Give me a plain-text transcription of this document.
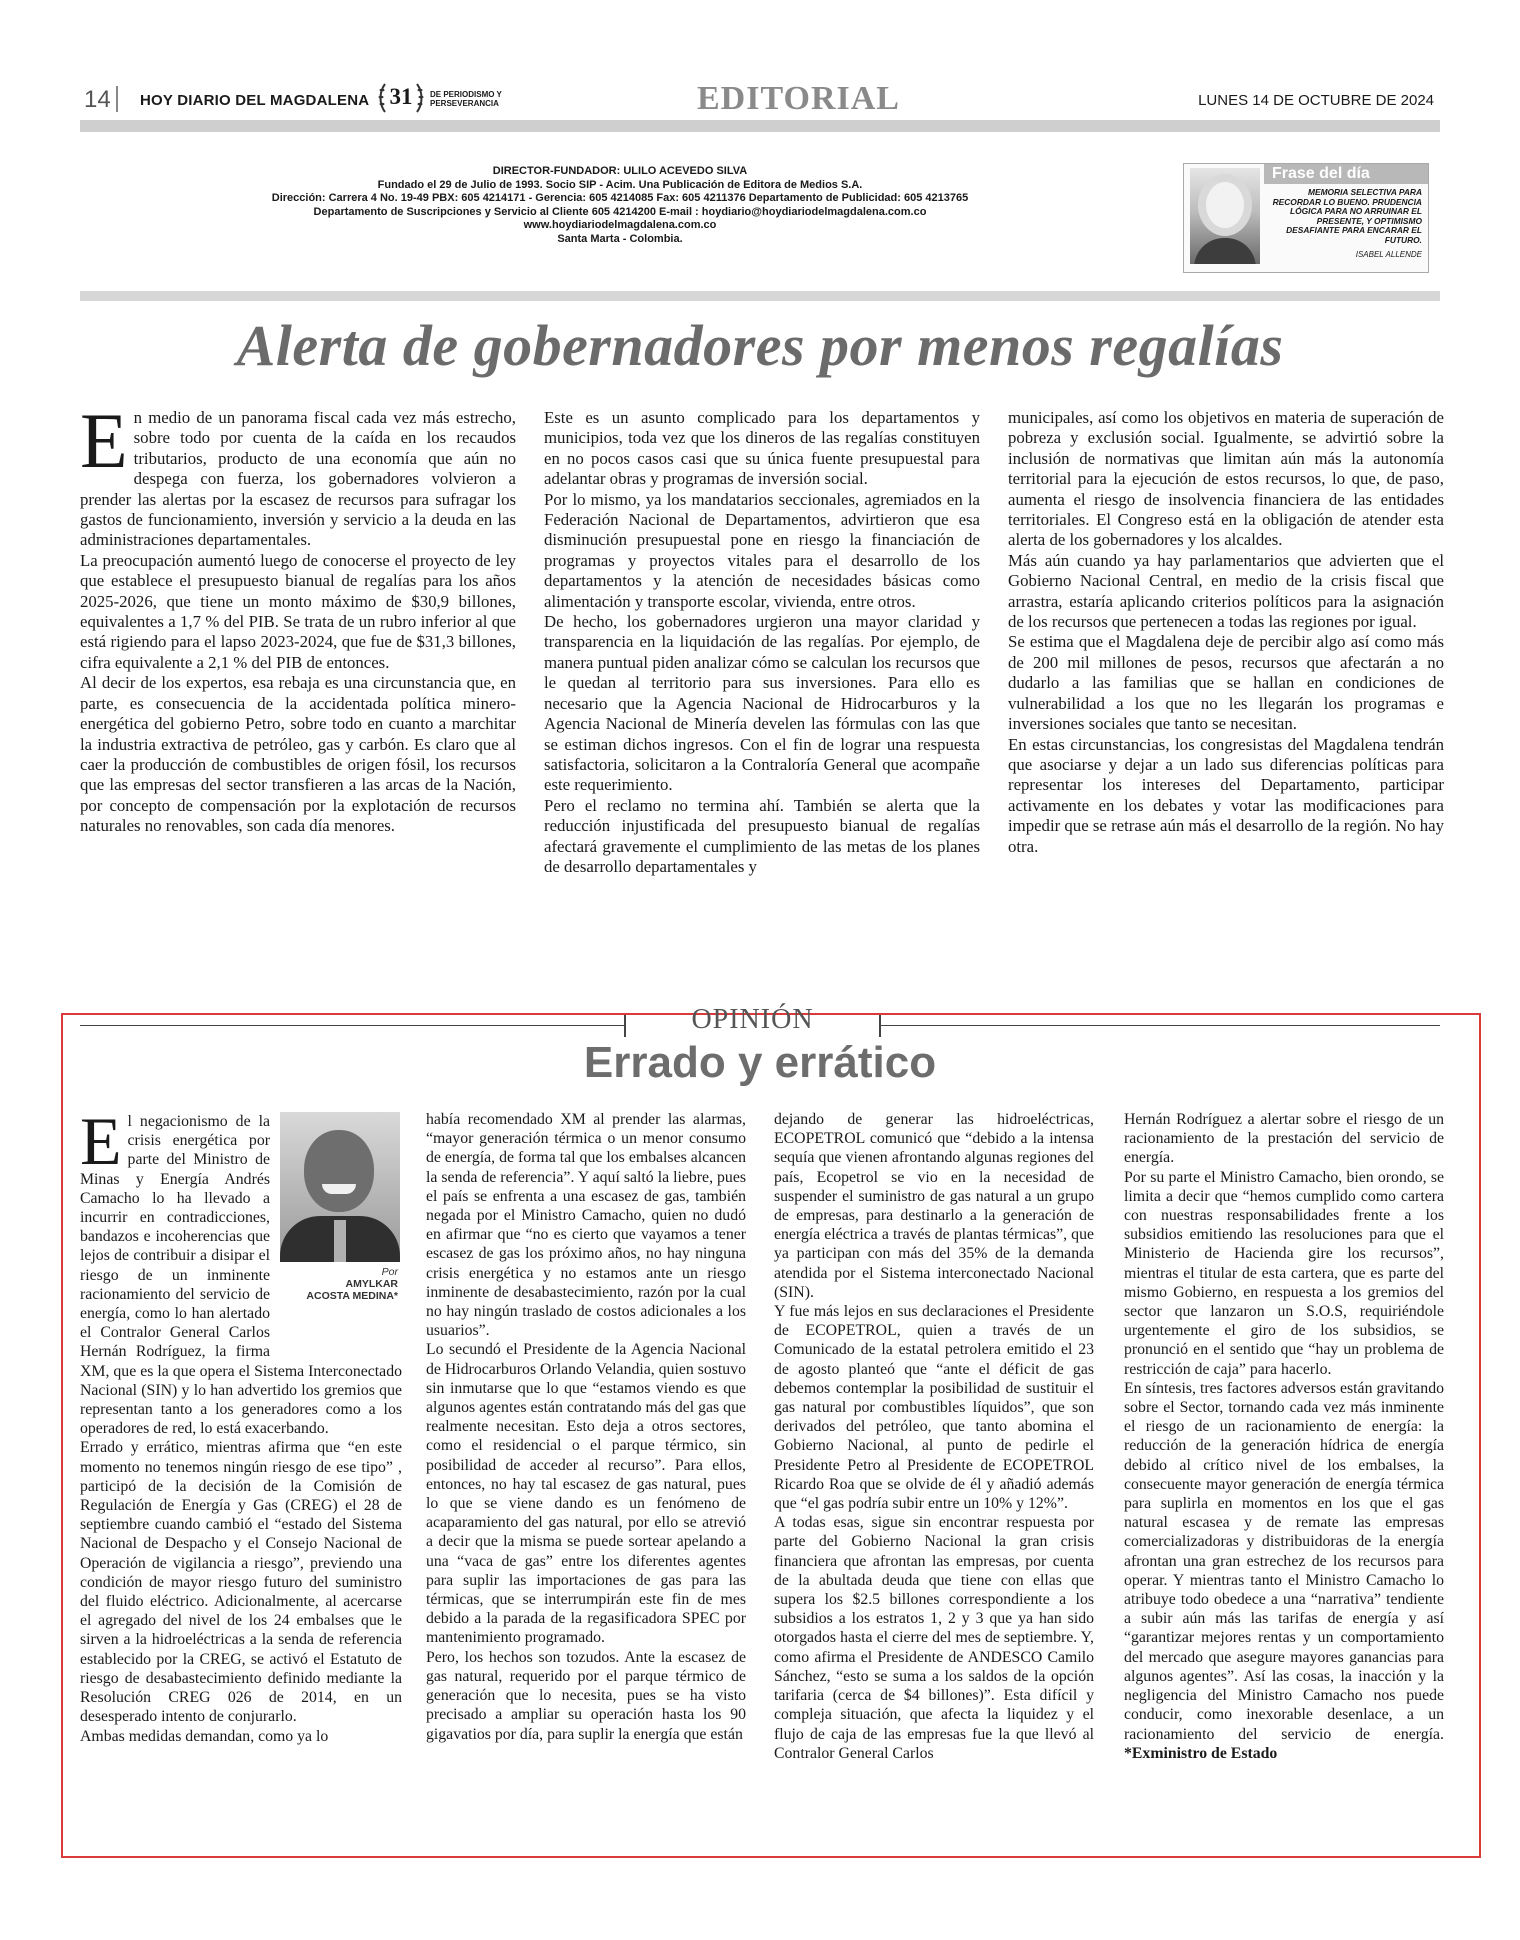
14 HOY DIARIO DEL MAGDALENA 31	DE PERIODISMO Y PERSEVERANCIA	EDITORIAL	LUNES 14 DE OCTUBRE DE 2024
DIRECTOR-FUNDADOR: ULILO ACEVEDO SILVA
Fundado el 29 de Julio de 1993. Socio SIP - Acim. Una Publicación de Editora de Medios S.A.
Dirección: Carrera 4 No. 19-49 PBX: 605 4214171 - Gerencia: 605 4214085 Fax: 605 4211376 Departamento de Publicidad: 605 4213765
Departamento de Suscripciones y Servicio al Cliente 605 4214200 E-mail : hoydiario@hoydiariodelmagdalena.com.co
www.hoydiariodelmagdalena.com.co
Santa Marta - Colombia.
Frase del día
MEMORIA SELECTIVA PARA RECORDAR LO BUENO. PRUDENCIA LÓGICA PARA NO ARRUINAR EL PRESENTE, Y OPTIMISMO DESAFIANTE PARA ENCARAR EL FUTURO.
ISABEL ALLENDE
Alerta de gobernadores por menos regalías

En medio de un panorama fiscal cada vez más estrecho, sobre todo por cuenta de la caída en los recaudos tributarios, producto de una economía que aún no despega con fuerza, los gobernadores volvieron a prender las alertas por la escasez de recursos para sufragar los gastos de funcionamiento, inversión y servicio a la deuda en las administraciones departamentales.

La preocupación aumentó luego de conocerse el proyecto de ley que establece el presupuesto bianual de regalías para los años 2025-2026, que tiene un monto máximo de $30,9 billones, equivalentes a 1,7 % del PIB. Se trata de un rubro inferior al que está rigiendo para el lapso 2023-2024, que fue de $31,3 billones, cifra equivalente a 2,1 % del PIB de entonces.

Al decir de los expertos, esa rebaja es una circunstancia que, en parte, es consecuencia de la accidentada política minero-energética del gobierno Petro, sobre todo en cuanto a marchitar la industria extractiva de petróleo, gas y carbón. Es claro que al caer la producción de combustibles de origen fósil, los recursos que las empresas del sector transfieren a las arcas de la Nación, por concepto de compensación por la explotación de recursos naturales no renovables, son cada día menores.

Este es un asunto complicado para los departamentos y municipios, toda vez que los dineros de las regalías constituyen en no pocos casos casi que su única fuente presupuestal para adelantar obras y programas de inversión social.

Por lo mismo, ya los mandatarios seccionales, agremiados en la Federación Nacional de Departamentos, advirtieron que esa disminución presupuestal pone en riesgo la financiación de programas y proyectos vitales para el desarrollo de los departamentos y la atención de necesidades básicas como alimentación y transporte escolar, vivienda, entre otros.

De hecho, los gobernadores urgieron una mayor claridad y transparencia en la liquidación de las regalías. Por ejemplo, de manera puntual piden analizar cómo se calculan los recursos que le quedan al territorio para sus inversiones. Para ello es necesario que la Agencia Nacional de Hidrocarburos y la Agencia Nacional de Minería develen las fórmulas con las que se estiman dichos ingresos. Con el fin de lograr una respuesta satisfactoria, solicitaron a la Contraloría General que acompañe este requerimiento.

Pero el reclamo no termina ahí. También se alerta que la reducción injustificada del presupuesto bianual de regalías afectará gravemente el cumplimiento de las metas de los planes de desarrollo departamentales y

municipales, así como los objetivos en materia de superación de pobreza y exclusión social. Igualmente, se advirtió sobre la inclusión de normativas que limitan aún más la autonomía territorial para la ejecución de estos recursos, lo que, de paso, aumenta el riesgo de insolvencia financiera de las entidades territoriales. El Congreso está en la obligación de atender esta alerta de los gobernadores y los alcaldes.

Más aún cuando ya hay parlamentarios que advierten que el Gobierno Nacional Central, en medio de la crisis fiscal que arrastra, estaría aplicando criterios políticos para la asignación de los recursos que pertenecen a todas las regiones por igual.

Se estima que el Magdalena deje de percibir algo así como más de 200 mil millones de pesos, recursos que afectarán a no dudarlo a las familias que se hallan en condiciones de vulnerabilidad a los que no les llegarán los programas e inversiones sociales que tanto se necesitan.

En estas circunstancias, los congresistas del Magdalena tendrán que asociarse y dejar a un lado sus diferencias políticas para representar los intereses del Departamento, participar activamente en los debates y votar las modificaciones para impedir que se retrase aún más el desarrollo de la región. No hay otra.

OPINIÓN
Errado y errático
Por
AMYLKAR ACOSTA MEDINA*

El negacionismo de la crisis energética por parte del Ministro de Minas y Energía Andrés Camacho lo ha llevado a incurrir en contradicciones, bandazos e incoherencias que lejos de contribuir a disipar el riesgo de un inminente racionamiento del servicio de energía, como lo han alertado el Contralor General Carlos Hernán Rodríguez, la firma XM, que es la que opera el Sistema Interconectado Nacional (SIN) y lo han advertido los gremios que representan tanto a los generadores como a los operadores de red, lo está exacerbando.

Errado y errático, mientras afirma que “en este momento no tenemos ningún riesgo de ese tipo” , participó de la decisión de la Comisión de Regulación de Energía y Gas (CREG) el 28 de septiembre cuando cambió el “estado del Sistema Nacional de Despacho y el Consejo Nacional de Operación de vigilancia a riesgo”, previendo una condición de mayor riesgo futuro del suministro del fluido eléctrico. Adicionalmente, al acercarse el agregado del nivel de los 24 embalses que le sirven a la hidroeléctricas a la senda de referencia establecido por la CREG, se activó el Estatuto de riesgo de desabastecimiento definido mediante la Resolución CREG 026 de 2014, en un desesperado intento de conjurarlo.

Ambas medidas demandan, como ya lo

había recomendado XM al prender las alarmas, “mayor generación térmica o un menor consumo de energía, de forma tal que los embalses alcancen la senda de referencia”. Y aquí saltó la liebre, pues el país se enfrenta a una escasez de gas, también negada por el Ministro Camacho, quien no dudó en afirmar que “no es cierto que vayamos a tener escasez de gas los próximo años, no hay ninguna crisis energética y no estamos ante un riesgo inminente de desabastecimiento, razón por la cual no hay ningún traslado de costos adicionales a los usuarios”.

Lo secundó el Presidente de la Agencia Nacional de Hidrocarburos Orlando Velandia, quien sostuvo sin inmutarse que lo que “estamos viendo es que algunos agentes están contratando más del gas que realmente necesitan. Esto deja a otros sectores, como el residencial o el parque térmico, sin posibilidad de acceder al recurso”. Para ellos, entonces, no hay tal escasez de gas natural, pues lo que se viene dando es un fenómeno de acaparamiento del gas natural, por ello se atrevió a decir que la misma se puede sortear apelando a una “vaca de gas” entre los diferentes agentes para suplir las importaciones de gas para las térmicas, que se interrumpirán este fin de mes debido a la parada de la regasificadora SPEC por mantenimiento programado.

Pero, los hechos son tozudos. Ante la escasez de gas natural, requerido por el parque térmico de generación que lo necesita, pues se ha visto precisado a ampliar su operación hasta los 90 gigavatios por día, para suplir la energía que están

dejando de generar las hidroeléctricas, ECOPETROL comunicó que “debido a la intensa sequía que vienen afrontando algunas regiones del país, Ecopetrol se vio en la necesidad de suspender el suministro de gas natural a un grupo de empresas, para destinarlo a la generación de energía eléctrica a través de plantas térmicas”, que ya participan con más del 35% de la demanda atendida por el Sistema interconectado Nacional (SIN).

Y fue más lejos en sus declaraciones el Presidente de ECOPETROL, quien a través de un Comunicado de la estatal petrolera emitido el 23 de agosto planteó que “ante el déficit de gas debemos contemplar la posibilidad de sustituir el gas natural por combustibles líquidos”, que son derivados del petróleo, que tanto abomina el Gobierno Nacional, al punto de pedirle el Presidente Petro al Presidente de ECOPETROL Ricardo Roa que se olvide de él y añadió además que “el gas podría subir entre un 10% y 12%”.

A todas esas, sigue sin encontrar respuesta por parte del Gobierno Nacional la gran crisis financiera que afrontan las empresas, por cuenta de la abultada deuda que tiene con ellas que supera los $2.5 billones correspondiente a los subsidios a los estratos 1, 2 y 3 que ya han sido otorgados hasta el cierre del mes de septiembre. Y, como afirma el Presidente de ANDESCO Camilo Sánchez, “esto se suma a los saldos de la opción tarifaria (cerca de $4 billones)”. Esta difícil y compleja situación, que afecta la liquidez y el flujo de caja de las empresas fue la que llevó al Contralor General Carlos

Hernán Rodríguez a alertar sobre el riesgo de un racionamiento de la prestación del servicio de energía.

Por su parte el Ministro Camacho, bien orondo, se limita a decir que “hemos cumplido como cartera con nuestras responsabilidades frente a los subsidios emitiendo las resoluciones para que el Ministerio de Hacienda gire los recursos”, mientras el titular de esta cartera, que es parte del mismo Gobierno, en respuesta a los gremios del sector que lanzaron un S.O.S, requiriéndole urgentemente el giro de los subsidios, se pronunció en el sentido que “hay un problema de restricción de caja” para hacerlo.

En síntesis, tres factores adversos están gravitando sobre el Sector, tornando cada vez más inminente el riesgo de un racionamiento de energía: la reducción de la generación hídrica de energía debido al crítico nivel de los embalses, la consecuente mayor generación de energía térmica para suplirla en momentos en los que el gas natural escasea y de remate las empresas comercializadoras y distribuidoras de la energía afrontan una gran estrechez de los recursos para operar. Y mientras tanto el Ministro Camacho lo atribuye todo obedece a una “narrativa” tendiente a subir aún más las tarifas de energía y así “garantizar mejores rentas y un comportamiento del mercado que asegure mayores ganancias para algunos agentes”. Así las cosas, la inacción y la negligencia del Ministro Camacho nos puede conducir, como inexorable desenlace, a un racionamiento del servicio de energía. *Exministro de Estado
